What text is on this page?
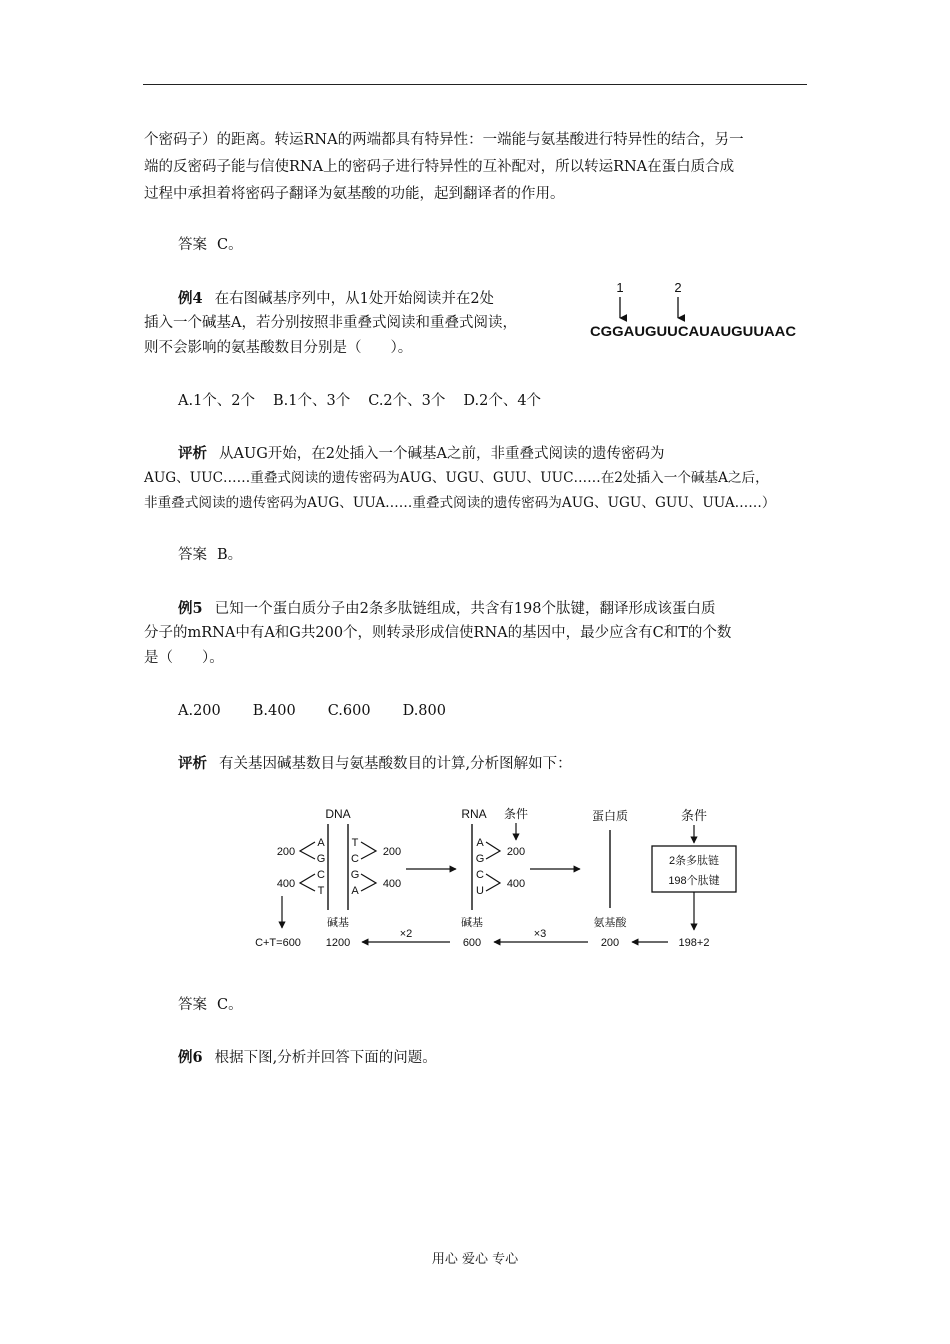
个密码子）的距离。转运RNA的两端都具有特异性：一端能与氨基酸进行特异性的结合，另一

端的反密码子能与信使RNA上的密码子进行特异性的互补配对，所以转运RNA在蛋白质合成

过程中承担着将密码子翻译为氨基酸的功能，起到翻译者的作用。

答案 C。

例4 在右图碱基序列中，从1处开始阅读并在2处

插入一个碱基A，若分别按照非重叠式阅读和重叠式阅读，

则不会影响的氨基酸数目分别是（　　）。

1	2
CGGAUGUUCAUAUGUUAAC

A.1个、2个 B.1个、3个 C.2个、3个 D.2个、4个

评析 从AUG开始，在2处插入一个碱基A之前，非重叠式阅读的遗传密码为

AUG、UUC……重叠式阅读的遗传密码为AUG、UGU、GUU、UUC……在2处插入一个碱基A之后，

非重叠式阅读的遗传密码为AUG、UUA……重叠式阅读的遗传密码为AUG、UGU、GUU、UUA……）

答案 B。

例5 已知一个蛋白质分子由2条多肽链组成，共含有198个肽键，翻译形成该蛋白质

分子的mRNA中有A和G共200个，则转录形成信使RNA的基因中，最少应含有C和T的个数

是（　　）。

A.200 B.400 C.600 D.800

评析 有关基因碱基数目与氨基酸数目的计算,分析图解如下：

DNA
A
G
C
T
T
C
G
A
200
400
200
400
碱基
C+T=600 1200
RNA 条件
A
G
C
U
200
400
碱基
600
蛋白质
氨基酸
200
条件
2条多肽链
198个肽键
198+2
×3
×2

答案 C。

例6 根据下图,分析并回答下面的问题。

用心 爱心 专心
